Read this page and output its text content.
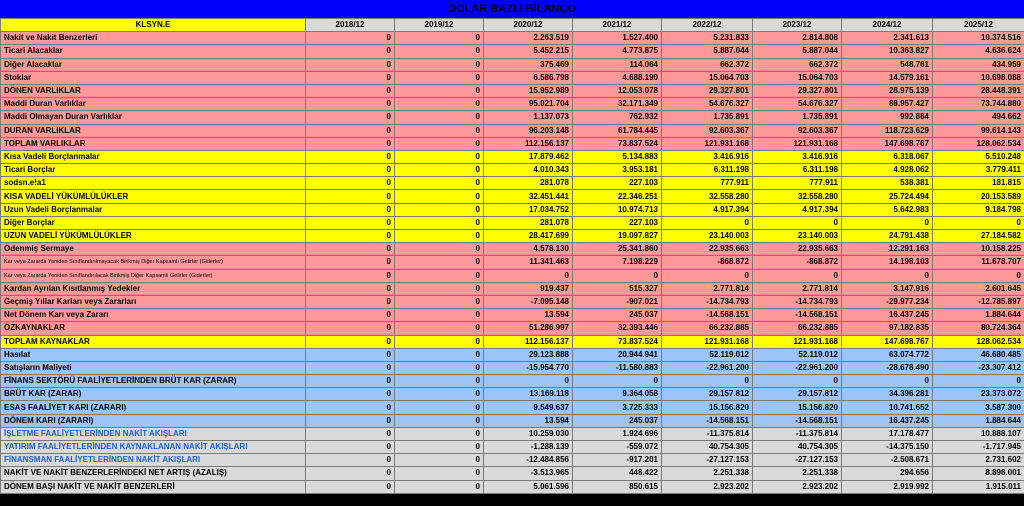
DOLAR BAZLI BİLANÇO
KLSYN.E	2018/12	2019/12	2020/12	2021/12	2022/12	2023/12	2024/12	2025/12
Nakit ve Nakit Benzerleri	0	0	2.263.519	1.527.400	5.231.833	2.814.808	2.341.613	10.374.516
Ticari Alacaklar	0	0	5.452.215	4.773.875	5.887.044	5.887.044	10.363.827	4.636.624
Diğer Alacaklar	0	0	375.469	114.064	662.372	662.372	548.761	434.959
Stoklar	0	0	6.586.798	4.688.190	15.064.703	15.064.703	14.579.161	10.698.088
DÖNEN VARLIKLAR	0	0	15.952.989	12.053.078	29.327.801	29.327.801	28.975.139	28.448.391
Maddi Duran Varlıklar	0	0	95.021.704	32.171.349	54.676.327	54.676.327	88.957.427	73.744.880
Maddi Olmayan Duran Varlıklar	0	0	1.137.073	762.932	1.735.891	1.735.891	992.884	494.662
DURAN VARLIKLAR	0	0	96.203.148	61.784.445	92.603.367	92.603.367	118.723.629	99.614.143
TOPLAM VARLIKLAR	0	0	112.156.137	73.837.524	121.931.168	121.931.168	147.698.767	128.062.534
Kısa Vadeli Borçlanmalar	0	0	17.879.462	5.134.883	3.416.916	3.416.916	6.318.067	5.510.248
Ticari Borçlar	0	0	4.010.343	3.953.181	6.311.198	6.311.198	4.928.062	3.779.411
sodsn.e!a1	0	0	281.078	227.103	777.911	777.911	538.381	181.815
KISA VADELİ YÜKÜMLÜLÜKLER	0	0	32.451.441	22.346.251	32.558.280	32.558.280	25.724.494	20.153.589
Uzun Vadeli Borçlanmalar	0	0	17.034.752	10.974.713	4.917.394	4.917.394	5.642.983	9.184.798
Diğer Borçlar	0	0	281.078	227.103	0	0	0	0
UZUN VADELİ YÜKÜMLÜLÜKLER	0	0	28.417.699	19.097.827	23.140.003	23.140.003	24.791.438	27.184.582
Ödenmiş Sermaye	0	0	4.578.130	25.341.860	22.935.663	22.935.663	12.291.163	10.158.225
Kar veya Zararda Yeniden Sınıflandırılmayacak Birikmiş Diğer Kapsamlı Gelirler (Giderler)	0	0	11.341.463	7.198.229	-868.872	-868.872	14.198.103	11.678.707
Kar veya Zararda Yeniden Sınıflandırılacak Birikmiş Diğer Kapsamlı Gelirler (Giderler)	0	0	0	0	0	0	0	0
Kardan Ayrılan Kısıtlanmış Yedekler	0	0	919.437	515.327	2.771.814	2.771.814	3.147.916	2.601.645
Geçmiş Yıllar Karları veya Zararları	0	0	-7.095.148	-907.021	-14.734.793	-14.734.793	-29.977.234	-12.785.897
Net Dönem Karı veya Zararı	0	0	13.594	245.037	-14.568.151	-14.568.151	16.437.245	1.884.644
ÖZKAYNAKLAR	0	0	51.286.997	32.393.446	66.232.885	66.232.885	97.182.835	80.724.364
TOPLAM KAYNAKLAR	0	0	112.156.137	73.837.524	121.931.168	121.931.168	147.698.767	128.062.534
Hasılat	0	0	29.123.888	20.944.941	52.119.012	52.119.012	63.074.772	46.680.485
Satışların Maliyeti	0	0	-15.954.770	-11.580.883	-22.961.200	-22.961.200	-28.678.490	-23.307.412
FİNANS SEKTÖRÜ FAALİYETLERİNDEN BRÜT KAR (ZARAR)	0	0	0	0	0	0	0	0
BRÜT KAR (ZARAR)	0	0	13.169.118	9.364.058	29.157.812	29.157.812	34.396.281	23.373.072
ESAS FAALİYET KARI (ZARARI)	0	0	9.549.637	3.725.333	15.156.820	15.156.820	10.741.652	3.587.300
DÖNEM KARI (ZARARI)	0	0	13.594	245.037	-14.568.151	-14.568.151	16.437.245	1.884.644
İŞLETME FAALİYETLERİNDEN NAKİT AKIŞLARI	0	0	10.259.030	1.924.696	-11.375.814	-11.375.814	17.178.477	10.888.107
YATIRIM FAALİYETLERİNDEN KAYNAKLANAN NAKİT AKIŞLARI	0	0	-1.288.139	-559.072	40.754.305	40.754.305	-14.375.150	-1.717.945
FİNANSMAN FAALİYETLERİNDEN NAKİT AKIŞLARI	0	0	-12.484.856	-917.201	-27.127.153	-27.127.153	-2.508.671	2.731.602
NAKİT VE NAKİT BENZERLERİNDEKİ NET ARTIŞ (AZALIŞ)	0	0	-3.513.965	448.422	2.251.338	2.251.338	294.656	8.896.001
DÖNEM BAŞI NAKİT VE NAKİT BENZERLERİ	0	0	5.061.596	850.615	2.923.202	2.923.202	2.919.992	1.915.011
